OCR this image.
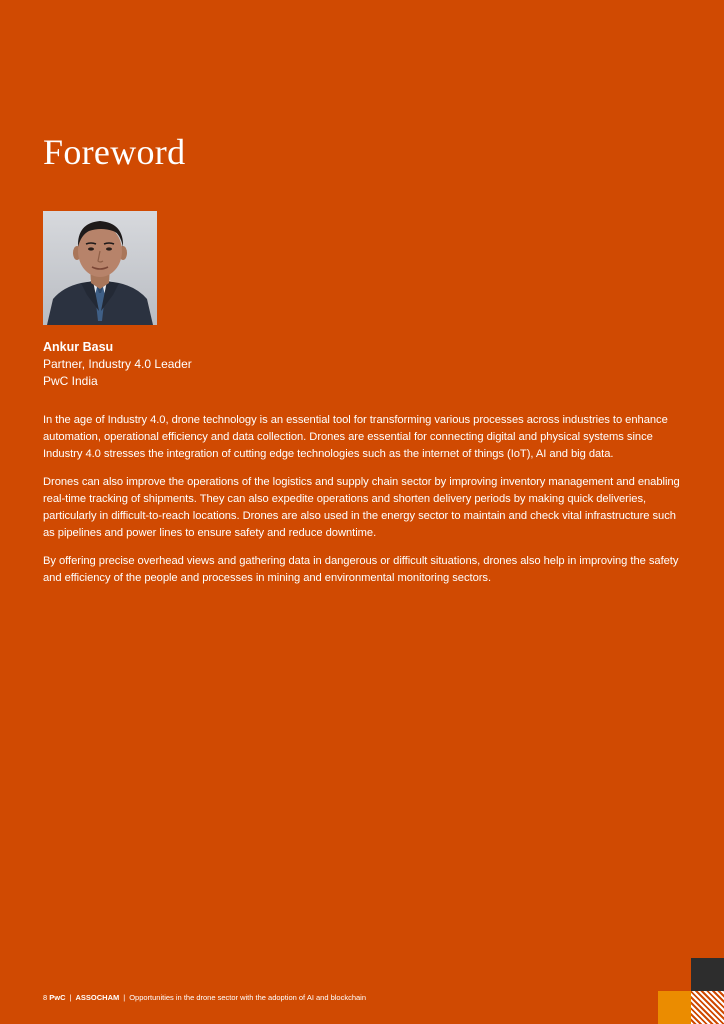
Foreword
Ankur Basu
Partner, Industry 4.0 Leader
PwC India

In the age of Industry 4.0, drone technology is an essential tool for transforming various processes across industries to enhance automation, operational efficiency and data collection. Drones are essential for connecting digital and physical systems since Industry 4.0 stresses the integration of cutting edge technologies such as the internet of things (IoT), AI and big data.

Drones can also improve the operations of the logistics and supply chain sector by improving inventory management and enabling real-time tracking of shipments. They can also expedite operations and shorten delivery periods by making quick deliveries, particularly in difficult-to-reach locations. Drones are also used in the energy sector to maintain and check vital infrastructure such as pipelines and power lines to ensure safety and reduce downtime.

By offering precise overhead views and gathering data in dangerous or difficult situations, drones also help in improving the safety and efficiency of the people and processes in mining and environmental monitoring sectors.

8 PwC | ASSOCHAM | Opportunities in the drone sector with the adoption of AI and blockchain
